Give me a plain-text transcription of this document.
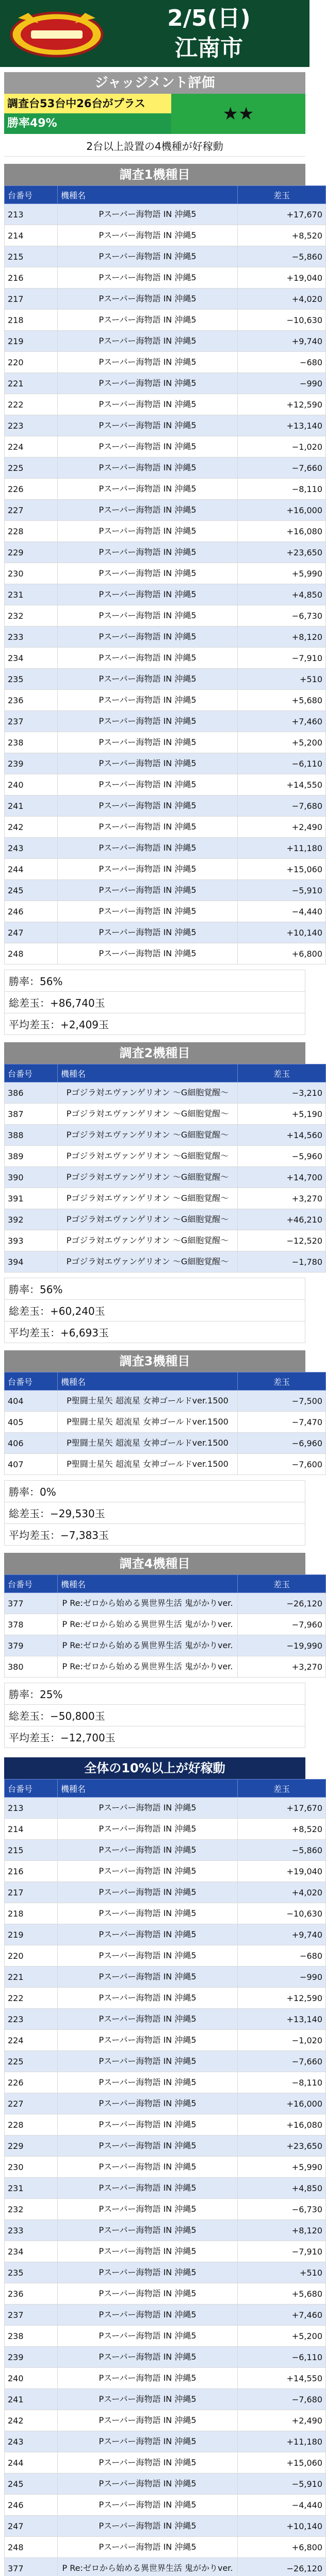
2/5(日)
江南市
ジャッジメント評価
調査台53台中26台がプラス
勝率49%	★★
2台以上設置の4機種が好稼動
調査1機種目
台番号	機種名	差玉
213	Pスーパー海物語 IN 沖縄5	+17,670
214	Pスーパー海物語 IN 沖縄5	+8,520
215	Pスーパー海物語 IN 沖縄5	−5,860
216	Pスーパー海物語 IN 沖縄5	+19,040
217	Pスーパー海物語 IN 沖縄5	+4,020
218	Pスーパー海物語 IN 沖縄5	−10,630
219	Pスーパー海物語 IN 沖縄5	+9,740
220	Pスーパー海物語 IN 沖縄5	−680
221	Pスーパー海物語 IN 沖縄5	−990
222	Pスーパー海物語 IN 沖縄5	+12,590
223	Pスーパー海物語 IN 沖縄5	+13,140
224	Pスーパー海物語 IN 沖縄5	−1,020
225	Pスーパー海物語 IN 沖縄5	−7,660
226	Pスーパー海物語 IN 沖縄5	−8,110
227	Pスーパー海物語 IN 沖縄5	+16,000
228	Pスーパー海物語 IN 沖縄5	+16,080
229	Pスーパー海物語 IN 沖縄5	+23,650
230	Pスーパー海物語 IN 沖縄5	+5,990
231	Pスーパー海物語 IN 沖縄5	+4,850
232	Pスーパー海物語 IN 沖縄5	−6,730
233	Pスーパー海物語 IN 沖縄5	+8,120
234	Pスーパー海物語 IN 沖縄5	−7,910
235	Pスーパー海物語 IN 沖縄5	+510
236	Pスーパー海物語 IN 沖縄5	+5,680
237	Pスーパー海物語 IN 沖縄5	+7,460
238	Pスーパー海物語 IN 沖縄5	+5,200
239	Pスーパー海物語 IN 沖縄5	−6,110
240	Pスーパー海物語 IN 沖縄5	+14,550
241	Pスーパー海物語 IN 沖縄5	−7,680
242	Pスーパー海物語 IN 沖縄5	+2,490
243	Pスーパー海物語 IN 沖縄5	+11,180
244	Pスーパー海物語 IN 沖縄5	+15,060
245	Pスーパー海物語 IN 沖縄5	−5,910
246	Pスーパー海物語 IN 沖縄5	−4,440
247	Pスーパー海物語 IN 沖縄5	+10,140
248	Pスーパー海物語 IN 沖縄5	+6,800
勝率：56%
総差玉：+86,740玉
平均差玉：+2,409玉
調査2機種目
台番号	機種名	差玉
386	Pゴジラ対エヴァンゲリオン 〜G細胞覚醒〜	−3,210
387	Pゴジラ対エヴァンゲリオン 〜G細胞覚醒〜	+5,190
388	Pゴジラ対エヴァンゲリオン 〜G細胞覚醒〜	+14,560
389	Pゴジラ対エヴァンゲリオン 〜G細胞覚醒〜	−5,960
390	Pゴジラ対エヴァンゲリオン 〜G細胞覚醒〜	+14,700
391	Pゴジラ対エヴァンゲリオン 〜G細胞覚醒〜	+3,270
392	Pゴジラ対エヴァンゲリオン 〜G細胞覚醒〜	+46,210
393	Pゴジラ対エヴァンゲリオン 〜G細胞覚醒〜	−12,520
394	Pゴジラ対エヴァンゲリオン 〜G細胞覚醒〜	−1,780
勝率：56%
総差玉：+60,240玉
平均差玉：+6,693玉
調査3機種目
台番号	機種名	差玉
404	P聖闘士星矢 超流星 女神ゴールドver.1500	−7,500
405	P聖闘士星矢 超流星 女神ゴールドver.1500	−7,470
406	P聖闘士星矢 超流星 女神ゴールドver.1500	−6,960
407	P聖闘士星矢 超流星 女神ゴールドver.1500	−7,600
勝率：0%
総差玉：−29,530玉
平均差玉：−7,383玉
調査4機種目
台番号	機種名	差玉
377	P Re:ゼロから始める異世界生活 鬼がかりver.	−26,120
378	P Re:ゼロから始める異世界生活 鬼がかりver.	−7,960
379	P Re:ゼロから始める異世界生活 鬼がかりver.	−19,990
380	P Re:ゼロから始める異世界生活 鬼がかりver.	+3,270
勝率：25%
総差玉：−50,800玉
平均差玉：−12,700玉
全体の10%以上が好稼動
台番号	機種名	差玉
213	Pスーパー海物語 IN 沖縄5	+17,670
214	Pスーパー海物語 IN 沖縄5	+8,520
215	Pスーパー海物語 IN 沖縄5	−5,860
216	Pスーパー海物語 IN 沖縄5	+19,040
217	Pスーパー海物語 IN 沖縄5	+4,020
218	Pスーパー海物語 IN 沖縄5	−10,630
219	Pスーパー海物語 IN 沖縄5	+9,740
220	Pスーパー海物語 IN 沖縄5	−680
221	Pスーパー海物語 IN 沖縄5	−990
222	Pスーパー海物語 IN 沖縄5	+12,590
223	Pスーパー海物語 IN 沖縄5	+13,140
224	Pスーパー海物語 IN 沖縄5	−1,020
225	Pスーパー海物語 IN 沖縄5	−7,660
226	Pスーパー海物語 IN 沖縄5	−8,110
227	Pスーパー海物語 IN 沖縄5	+16,000
228	Pスーパー海物語 IN 沖縄5	+16,080
229	Pスーパー海物語 IN 沖縄5	+23,650
230	Pスーパー海物語 IN 沖縄5	+5,990
231	Pスーパー海物語 IN 沖縄5	+4,850
232	Pスーパー海物語 IN 沖縄5	−6,730
233	Pスーパー海物語 IN 沖縄5	+8,120
234	Pスーパー海物語 IN 沖縄5	−7,910
235	Pスーパー海物語 IN 沖縄5	+510
236	Pスーパー海物語 IN 沖縄5	+5,680
237	Pスーパー海物語 IN 沖縄5	+7,460
238	Pスーパー海物語 IN 沖縄5	+5,200
239	Pスーパー海物語 IN 沖縄5	−6,110
240	Pスーパー海物語 IN 沖縄5	+14,550
241	Pスーパー海物語 IN 沖縄5	−7,680
242	Pスーパー海物語 IN 沖縄5	+2,490
243	Pスーパー海物語 IN 沖縄5	+11,180
244	Pスーパー海物語 IN 沖縄5	+15,060
245	Pスーパー海物語 IN 沖縄5	−5,910
246	Pスーパー海物語 IN 沖縄5	−4,440
247	Pスーパー海物語 IN 沖縄5	+10,140
248	Pスーパー海物語 IN 沖縄5	+6,800
377	P Re:ゼロから始める異世界生活 鬼がかりver.	−26,120
